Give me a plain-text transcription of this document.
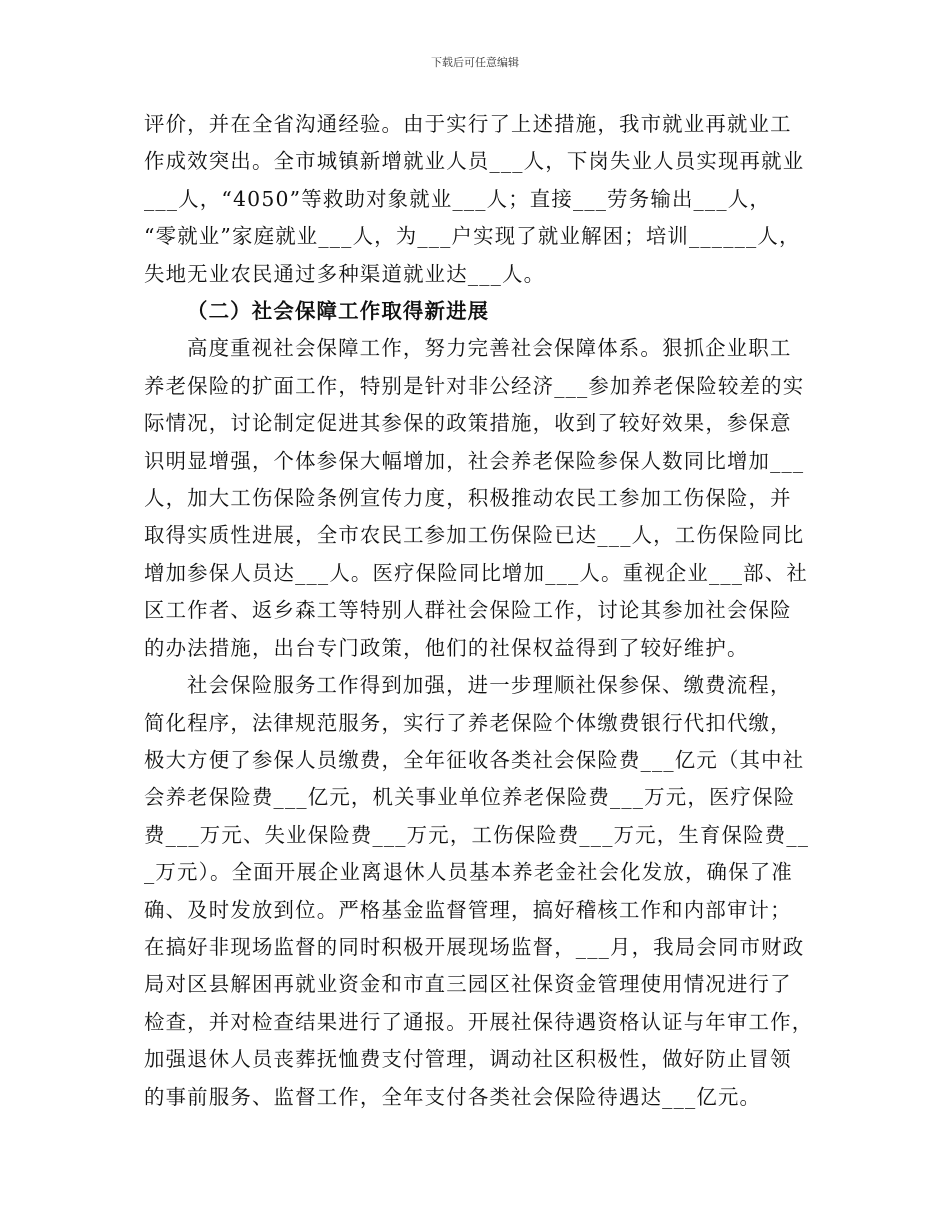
下载后可任意编辑

评价，并在全省沟通经验。由于实行了上述措施，我市就业再就业工
作成效突出。全市城镇新增就业人员___人，下岗失业人员实现再就业
___人，“4050”等救助对象就业___人；直接___劳务输出___人，
“零就业”家庭就业___人，为___户实现了就业解困；培训______人，
失地无业农民通过多种渠道就业达___人。

（二）社会保障工作取得新进展

高度重视社会保障工作，努力完善社会保障体系。狠抓企业职工
养老保险的扩面工作，特别是针对非公经济___参加养老保险较差的实
际情况，讨论制定促进其参保的政策措施，收到了较好效果，参保意
识明显增强，个体参保大幅增加，社会养老保险参保人数同比增加___
人，加大工伤保险条例宣传力度，积极推动农民工参加工伤保险，并
取得实质性进展，全市农民工参加工伤保险已达___人，工伤保险同比
增加参保人员达___人。医疗保险同比增加___人。重视企业___部、社
区工作者、返乡森工等特别人群社会保险工作，讨论其参加社会保险
的办法措施，出台专门政策，他们的社保权益得到了较好维护。

社会保险服务工作得到加强，进一步理顺社保参保、缴费流程，
简化程序，法律规范服务，实行了养老保险个体缴费银行代扣代缴，
极大方便了参保人员缴费，全年征收各类社会保险费___亿元（其中社
会养老保险费___亿元，机关事业单位养老保险费___万元，医疗保险
费___万元、失业保险费___万元，工伤保险费___万元，生育保险费__
_万元）。全面开展企业离退休人员基本养老金社会化发放，确保了准
确、及时发放到位。严格基金监督管理，搞好稽核工作和内部审计；
在搞好非现场监督的同时积极开展现场监督，___月，我局会同市财政
局对区县解困再就业资金和市直三园区社保资金管理使用情况进行了
检查，并对检查结果进行了通报。开展社保待遇资格认证与年审工作，
加强退休人员丧葬抚恤费支付管理，调动社区积极性，做好防止冒领
的事前服务、监督工作，全年支付各类社会保险待遇达___亿元。
